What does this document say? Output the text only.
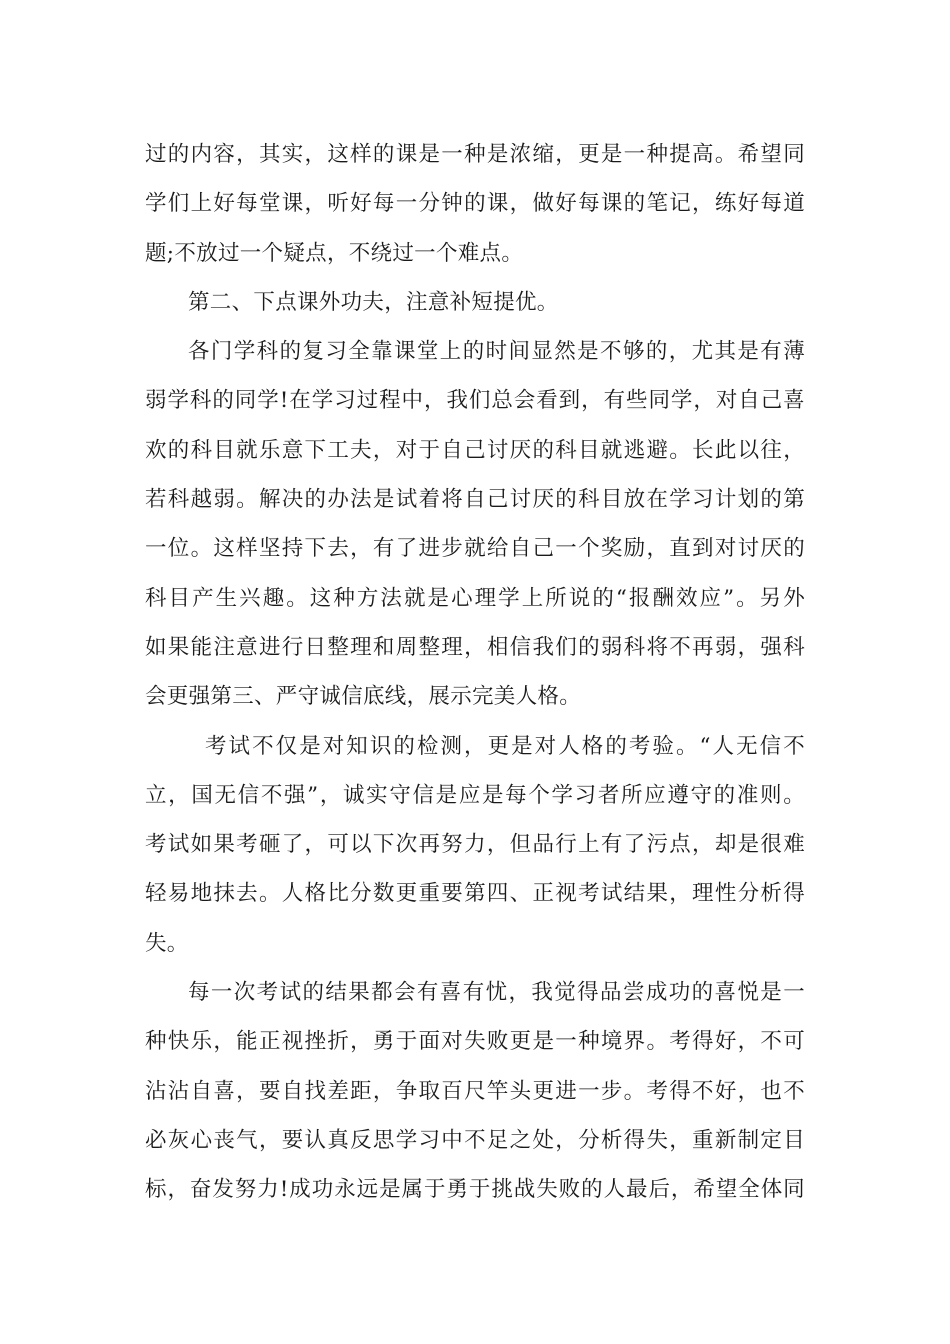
过的内容，其实，这样的课是一种是浓缩，更是一种提高。希望同
学们上好每堂课，听好每一分钟的课，做好每课的笔记，练好每道
题;不放过一个疑点，不绕过一个难点。
第二、下点课外功夫，注意补短提优。
各门学科的复习全靠课堂上的时间显然是不够的，尤其是有薄
弱学科的同学!在学习过程中，我们总会看到，有些同学，对自己喜
欢的科目就乐意下工夫，对于自己讨厌的科目就逃避。长此以往，
若科越弱。解决的办法是试着将自己讨厌的科目放在学习计划的第
一位。这样坚持下去，有了进步就给自己一个奖励，直到对讨厌的
科目产生兴趣。这种方法就是心理学上所说的“报酬效应”。另外
如果能注意进行日整理和周整理，相信我们的弱科将不再弱，强科
会更强第三、严守诚信底线，展示完美人格。
考试不仅是对知识的检测，更是对人格的考验。“人无信不
立，国无信不强”，诚实守信是应是每个学习者所应遵守的准则。
考试如果考砸了，可以下次再努力，但品行上有了污点，却是很难
轻易地抹去。人格比分数更重要第四、正视考试结果，理性分析得
失。
每一次考试的结果都会有喜有忧，我觉得品尝成功的喜悦是一
种快乐，能正视挫折，勇于面对失败更是一种境界。考得好，不可
沾沾自喜，要自找差距，争取百尺竿头更进一步。考得不好，也不
必灰心丧气，要认真反思学习中不足之处，分析得失，重新制定目
标，奋发努力!成功永远是属于勇于挑战失败的人最后，希望全体同
